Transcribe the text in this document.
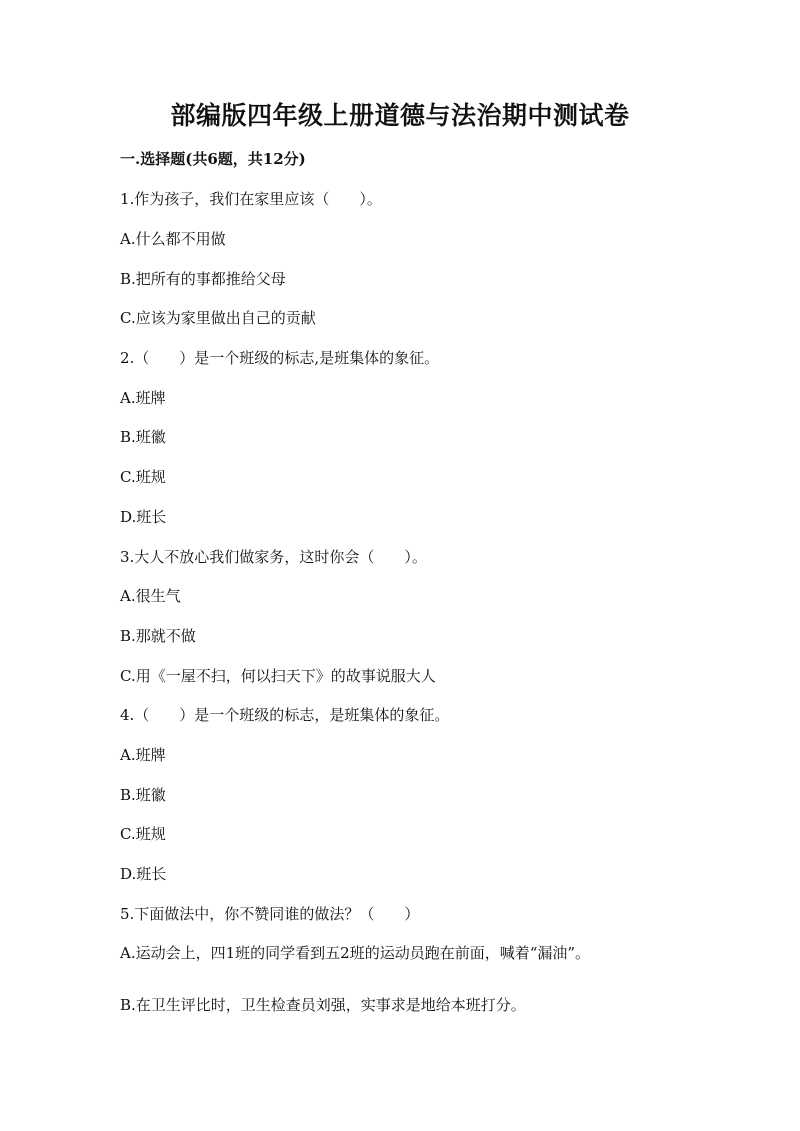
部编版四年级上册道德与法治期中测试卷
一.选择题(共6题，共12分)
1.作为孩子，我们在家里应该（　　）。
A.什么都不用做
B.把所有的事都推给父母
C.应该为家里做出自己的贡献
2.（　　）是一个班级的标志,是班集体的象征。
A.班牌
B.班徽
C.班规
D.班长
3.大人不放心我们做家务，这时你会（　　）。
A.很生气
B.那就不做
C.用《一屋不扫，何以扫天下》的故事说服大人
4.（　　）是一个班级的标志，是班集体的象征。
A.班牌
B.班徽
C.班规
D.班长
5.下面做法中，你不赞同谁的做法？（　　）
A.运动会上，四1班的同学看到五2班的运动员跑在前面，喊着“漏油”。
B.在卫生评比时，卫生检查员刘强，实事求是地给本班打分。
